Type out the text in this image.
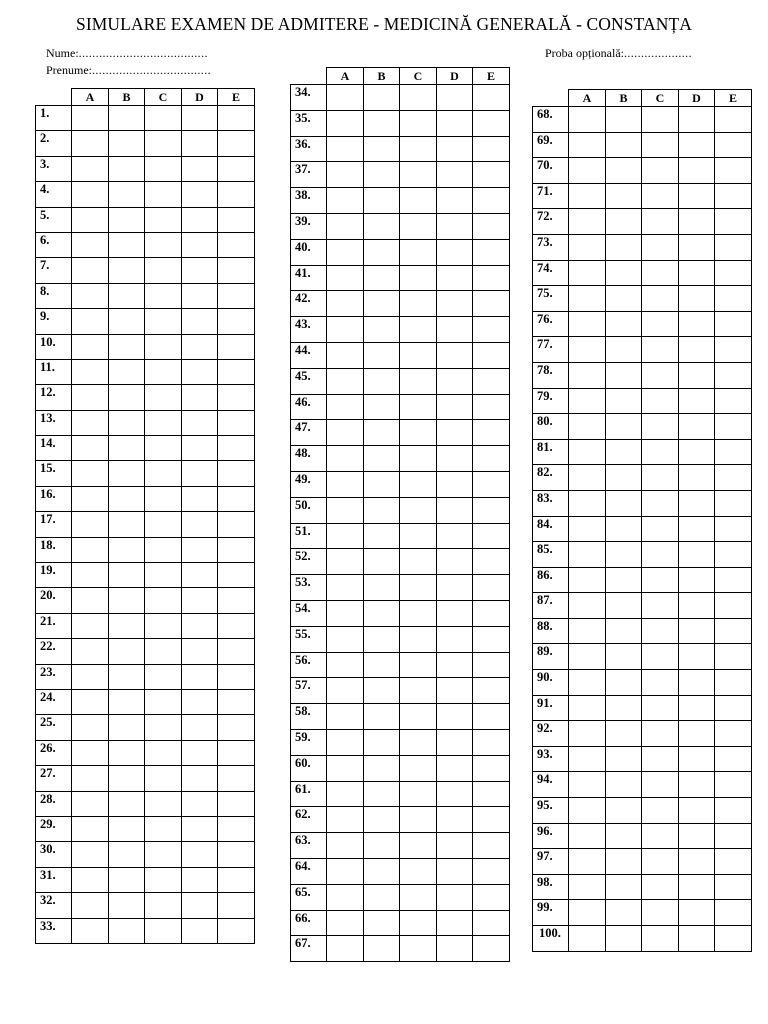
SIMULARE EXAMEN DE ADMITERE - MEDICINĂ GENERALĂ - CONSTANȚA
Nume:......................................
Prenume:...................................
Proba opțională:....................
	A	B	C	D	E
1.					
2.					
3.					
4.					
5.					
6.					
7.					
8.					
9.					
10.					
11.					
12.					
13.					
14.					
15.					
16.					
17.					
18.					
19.					
20.					
21.					
22.					
23.					
24.					
25.					
26.					
27.					
28.					
29.					
30.					
31.					
32.					
33.					
	A	B	C	D	E
34.					
35.					
36.					
37.					
38.					
39.					
40.					
41.					
42.					
43.					
44.					
45.					
46.					
47.					
48.					
49.					
50.					
51.					
52.					
53.					
54.					
55.					
56.					
57.					
58.					
59.					
60.					
61.					
62.					
63.					
64.					
65.					
66.					
67.					
	A	B	C	D	E
68.					
69.					
70.					
71.					
72.					
73.					
74.					
75.					
76.					
77.					
78.					
79.					
80.					
81.					
82.					
83.					
84.					
85.					
86.					
87.					
88.					
89.					
90.					
91.					
92.					
93.					
94.					
95.					
96.					
97.					
98.					
99.					
100.					
